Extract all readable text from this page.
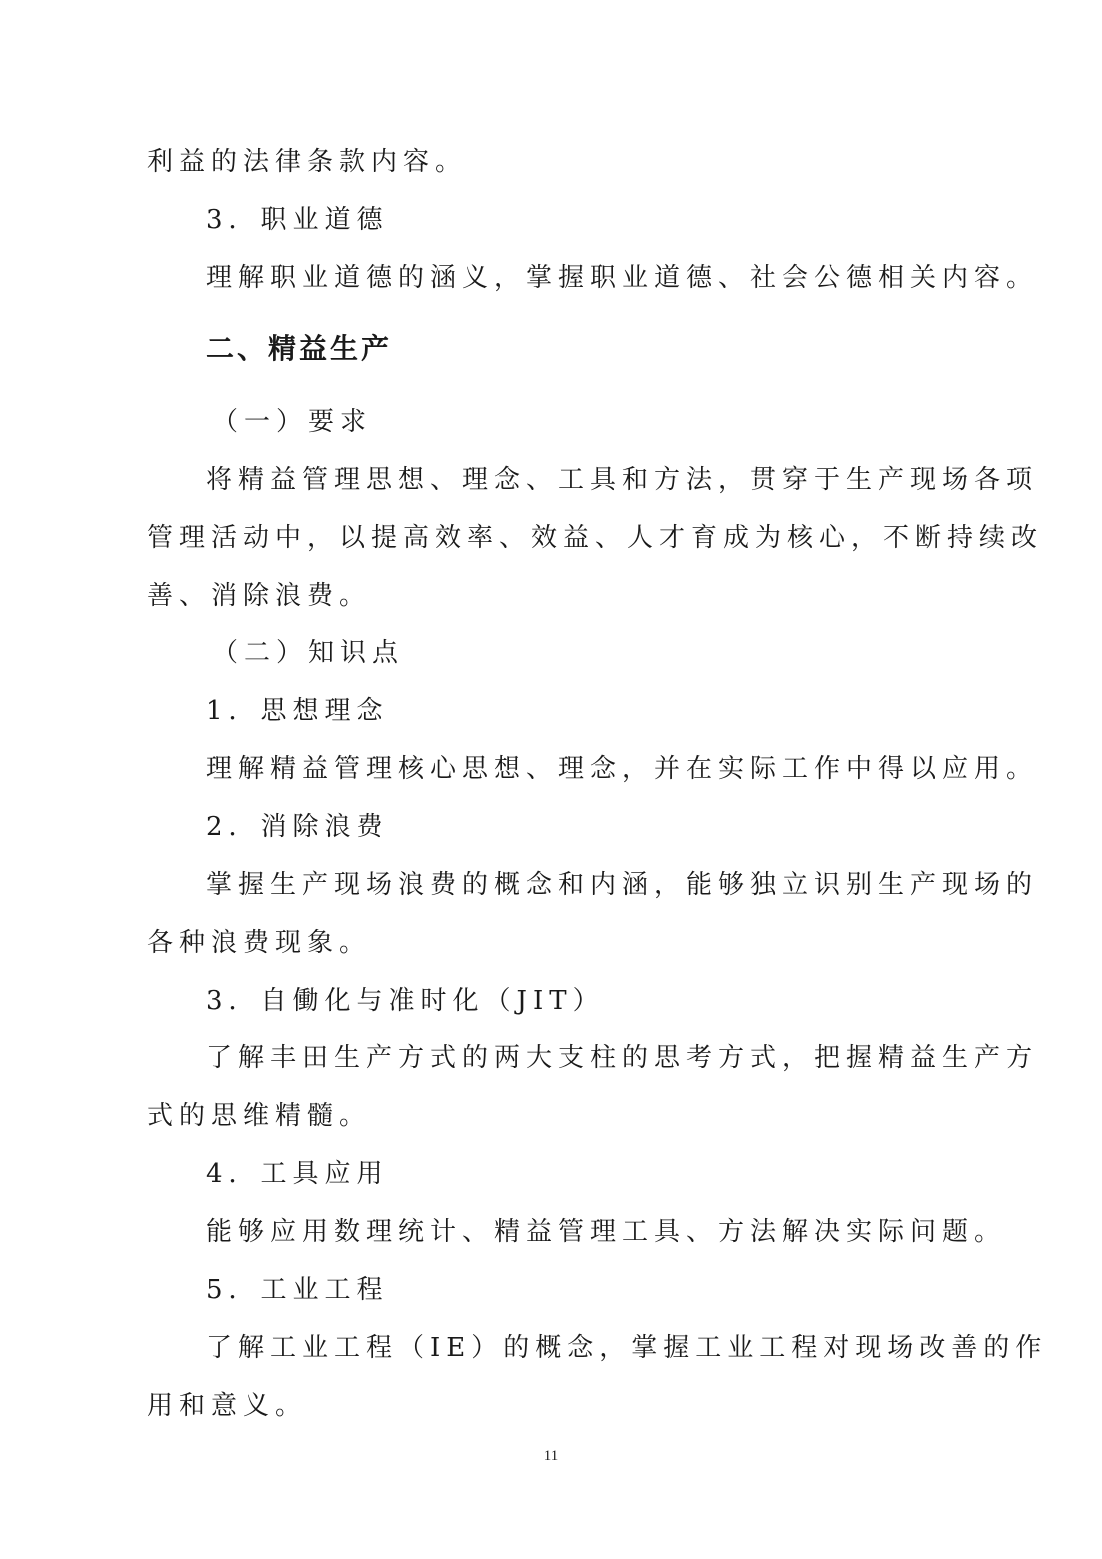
利益的法律条款内容。

3．职业道德

理解职业道德的涵义，掌握职业道德、社会公德相关内容。

二、精益生产

（一）要求

将精益管理思想、理念、工具和方法，贯穿于生产现场各项

管理活动中，以提高效率、效益、人才育成为核心，不断持续改

善、消除浪费。

（二）知识点

1．思想理念

理解精益管理核心思想、理念，并在实际工作中得以应用。

2．消除浪费

掌握生产现场浪费的概念和内涵，能够独立识别生产现场的

各种浪费现象。

3．自働化与准时化（JIT）

了解丰田生产方式的两大支柱的思考方式，把握精益生产方

式的思维精髓。

4．工具应用

能够应用数理统计、精益管理工具、方法解决实际问题。

5．工业工程

了解工业工程（IE）的概念，掌握工业工程对现场改善的作

用和意义。

11
